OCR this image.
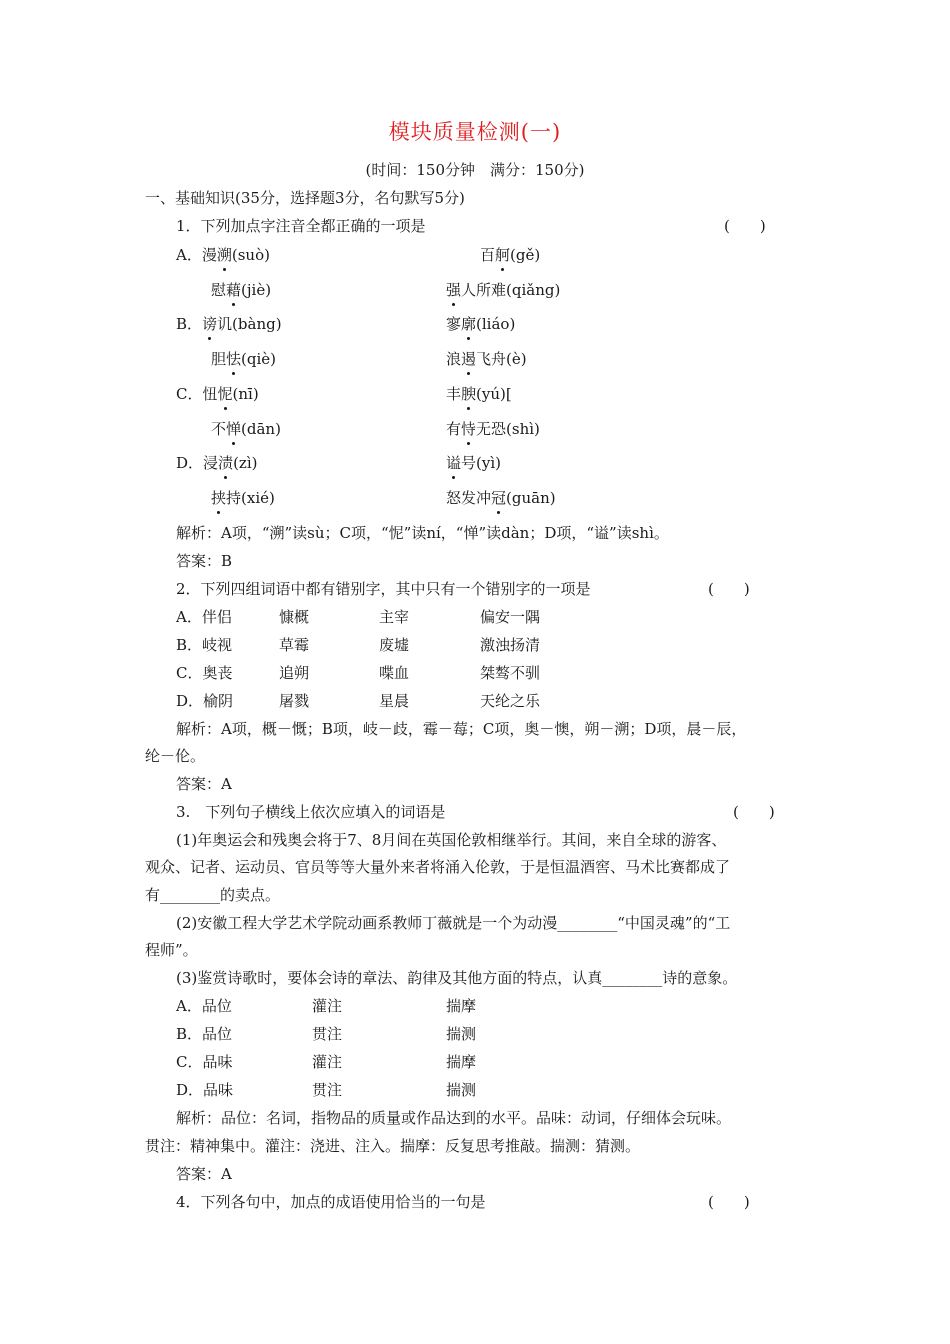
模块质量检测(一)
(时间：150分钟　满分：150分)
一、基础知识(35分，选择题3分，名句默写5分)
1．下列加点字注音全都正确的一项是	(　　)
A．漫溯(suò)	百舸(gě)
慰藉(jiè)	强人所难(qiǎng)
B．谤讥(bàng)	寥廓(liáo)
胆怯(qiè)	浪遏飞舟(è)
C．忸怩(nī)	丰腴(yú)[
不惮(dān)	有恃无恐(shì)
D．浸渍(zì)	谥号(yì)
挟持(xié)	怒发冲冠(guān)
解析：A项，“溯”读sù；C项，“怩”读ní，“惮”读dàn；D项，“谥”读shì。
答案：B
2．下列四组词语中都有错别字，其中只有一个错别字的一项是	(　　)
A．伴侣	慷概	主宰	偏安一隅
B．岐视	草霉	废墟	激浊扬清
C．奥丧	追朔	喋血	桀骜不驯
D．榆阴	屠戮	星晨	天纶之乐
解析：A项，概－慨；B项，岐－歧，霉－莓；C项，奥－懊，朔－溯；D项，晨－辰，
纶－伦。
答案：A
3.　下列句子横线上依次应填入的词语是	(　　)
(1)年奥运会和残奥会将于7、8月间在英国伦敦相继举行。其间，来自全球的游客、
观众、记者、运动员、官员等等大量外来者将涌入伦敦，于是恒温酒窖、马术比赛都成了
有________的卖点。
(2)安徽工程大学艺术学院动画系教师丁薇就是一个为动漫________“中国灵魂”的“工
程师”。
(3)鉴赏诗歌时，要体会诗的章法、韵律及其他方面的特点，认真________诗的意象。
A．品位	灌注	揣摩
B．品位	贯注	揣测
C．品味	灌注	揣摩
D．品味	贯注	揣测
解析：品位：名词，指物品的质量或作品达到的水平。品味：动词，仔细体会玩味。
贯注：精神集中。灌注：浇进、注入。揣摩：反复思考推敲。揣测：猜测。
答案：A
4．下列各句中，加点的成语使用恰当的一句是	(　　)
